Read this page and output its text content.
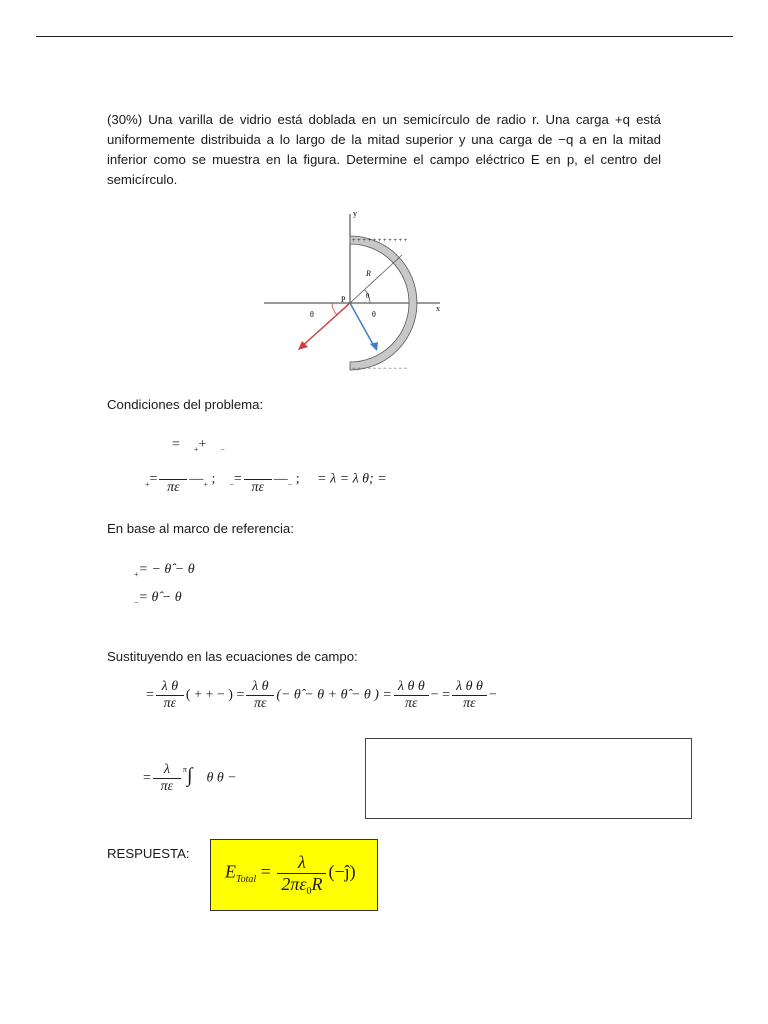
(30%) Una varilla de vidrio está doblada en un semicírculo de radio r. Una carga +q está uniformemente distribuida a lo largo de la mitad superior y una carga de −q a en la mitad inferior como se muestra en la figura. Determine el campo eléctrico E en p, el centro del semicírculo.

y
x
R
P	θ
θ	θ
+ + + + + + + + + + +
− − − − − − − − − − −
Condiciones del problema:
= $_+$+ $_-$
$_+$=

πε
$—_+$ ; $_-$=

πε
$—_-$ ; = λ = λ θ; =
En base al marco de referencia:
$_+$= − θ̂ − θ
$_-$= θ̂ − θ
Sustituyendo en las ecuaciones de campo:
= $\frac{\text{λ θ}}{\pi\varepsilon}$ ( + + − ) = $\frac{\text{λ θ}}{\pi\varepsilon}$ (− θ̂ − θ + θ̂ − θ ) = $\frac{\text{λ θ θ}}{\pi\varepsilon}$ − = $\frac{\text{λ θ θ}}{\pi\varepsilon}$ −
= $\frac{\lambda}{\pi\varepsilon} ^\pi\int$ θ θ −
RESPUESTA:
$E_{Total} = \frac{\lambda}{2\pi\varepsilon_0R}$ (−ĵ)
